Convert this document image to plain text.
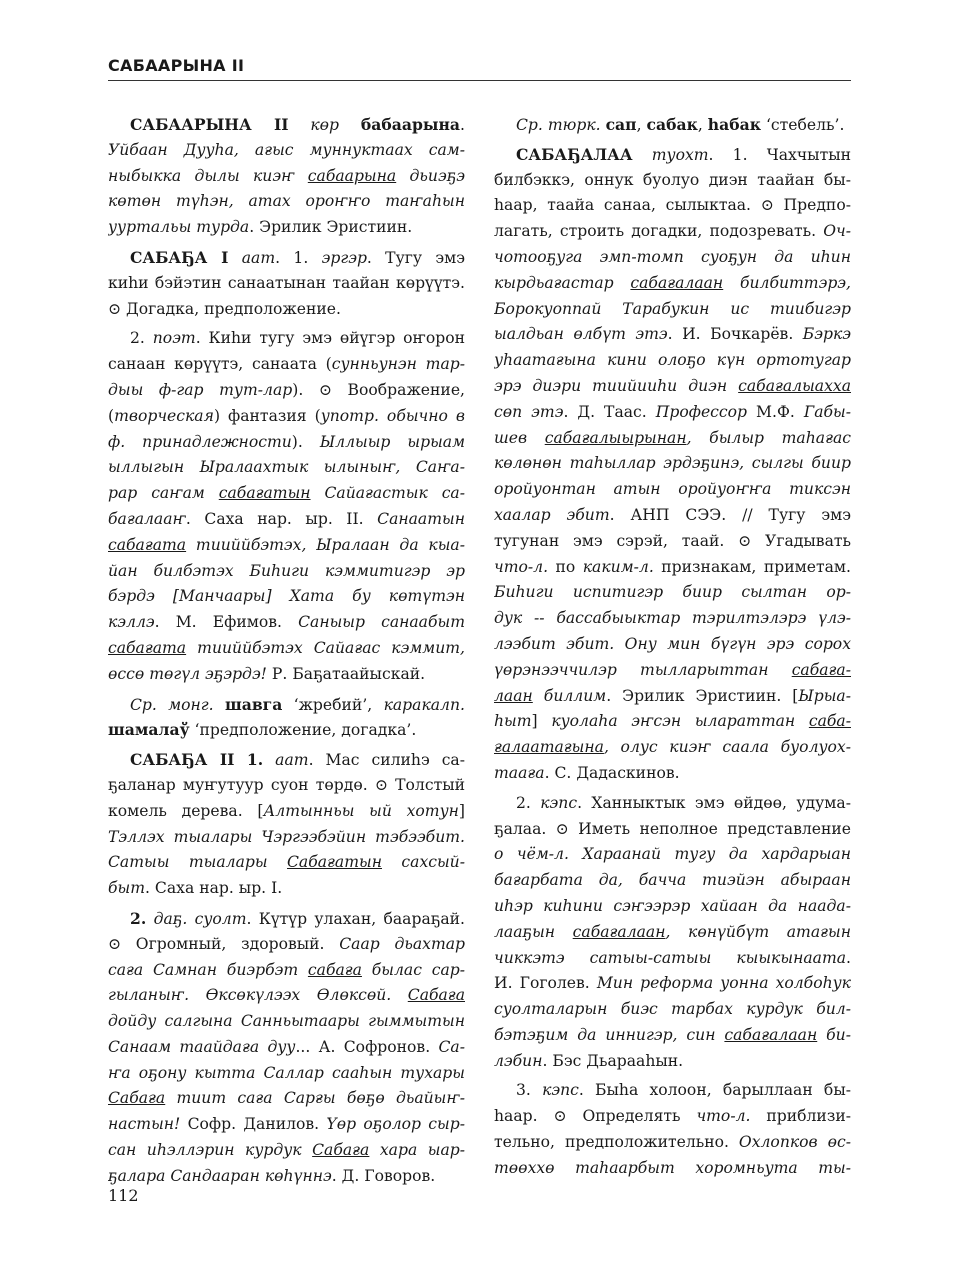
САБААРЫНА II
САБААРЫНА II көр бабаарына.
Уйбаан Дууһа, ағыс муннуктаах сам-
ныбыкка дылы киэҥ сабаарына дьиэҕэ
көтөн түһэн, атах ороҥҥо таҥаһын
ууртальы турда. Эрилик Эристиин.
САБАҔА I аат. 1. эргэр. Тугу эмэ
киһи бэйэтин санаатынан таайан көрүүтэ.
⊙ Догадка, предположение.
2. поэт. Киһи тугу эмэ өйүгэр оҥорон
санаан көрүүтэ, санаата (сунньунэн тар-
дыы ф-гар тут-лар). ⊙ Воображение,
(творческая) фантазия (употр. обычно в
ф. принадлежности). Ыллыыр ырыам
ыллыгын Ыралаахтык ылыныҥ, Саҥа-
рар саҥам сабағатын Сайағастык са-
бағалааҥ. Саха нар. ыр. II. Санаатын
сабағата тииййбэтэх, Ыралаан да кыа-
йан билбэтэх Биһиги кэммитигэр эр
бэрдэ [Манчаары] Хата бу көтүтэн
кэллэ. М. Ефимов. Саныыр санаабыт
сабағата тииййбэтэх Сайағас кэммит,
өссө төгүл эҕэрдэ! Р. Баҕатаайыскай.
Ср. монг. шавга ‘жребий’, каракалп.
шамалаў ‘предположение, догадка’.
САБАҔА II 1. аат. Мас силиһэ са-
ҕаланар муҥутуур суон төрдө. ⊙ Толстый
комель дерева. [Алтынньы ый хотун]
Тэллэх тыалары Чэргээбэйин тэбээбит.
Сатыы тыалары Сабағатын сахсый-
быт. Саха нар. ыр. I.
2. даҕ. суолт. Күтүр улахан, баараҕай.
⊙ Огромный, здоровый. Саар дьахтар
саға Самнан биэрбэт сабаға былас сар-
гыланыҥ. Өксөкүлээх Өлөксөй. Сабаға
дойду салгына Санньытаары гыммытын
Санаам таайдаға дуу... А. Софронов. Са-
ҥа оҕону кытта Саллар саaһын тухары
Сабаға тиит саға Сарғы бөҕө дьайыҥ-
настын! Софр. Данилов. Үөр оҕолор сыр-
сан иһэллэрин курдук Сабаға хара ыар-
ҕалара Сандааран көһүннэ. Д. Говоров.
Ср. тюрк. сап, сабак, һабак ‘стебель’.
САБАҔАЛАА туохт. 1. Чахчытын
билбэккэ, оннук буолуо диэн таайан бы-
һаар, таайа санаа, сылыктаа. ⊙ Предпо-
лагать, строить догадки, подозревать. Оч-
чотооҕуга эмп-томп суоҕун да иһин
кырдьағастар сабағалаан билбиттэрэ,
Борокуоппай Тарабукин ис тиибигэр
ыалдьан өлбүт этэ. И. Бочкарёв. Бэркэ
уһаатағына кини олоҕо күн ортотугар
эрэ диэри тиийииһи диэн сабағалыахха
сөп этэ. Д. Таас. Профессор М.Ф. Габы-
шев сабағалыырынан, былыр таһағас
көлөнөн таһыллар эрдэҕинэ, сылгы биир
оройуонтан атын оройуоҥҥа тиксэн
хаалар эбит. АНП СЭЭ. // Тугу эмэ
тугунан эмэ сэрэй, таай. ⊙ Угадывать
что-л. по каким-л. признакам, приметам.
Биһиги испитигэр биир сылтан ор-
дук -- бассабыыктар тэрилтэлэрэ үлэ-
лээбит эбит. Ону мин бүгүн эрэ сорох
үөрэнээччилэр тылларыттан сабаға-
лаан биллим. Эрилик Эристиин. [Ырыа-
һыт] куолаһа эҥсэн ылараттан саба-
ғалаатағына, олус киэҥ саала буолуох-
тааға. С. Дадаскинов.
2. кэпс. Ханныктык эмэ өйдөө, удума-
ҕалаа. ⊙ Иметь неполное представление
о чём-л. Хараанай тугу да хардарыан
бағарбата да, бачча тиэйэн абыраан
иһэр киһини сэҥээрэр хайаан да наада-
лааҕын сабағалаан, көнүйбүт атағын
чиккэтэ сатыы-сатыы кыыкынаата.
И. Гоголев. Мин реформа уонна холбоһук
суолталарын биэс тарбах курдук бил-
бэтэҕим да иннигэр, син сабағалаан би-
лэбин. Бэс Дьарааһын.
3. кэпс. Быһа холоон, барыллаан бы-
һаар. ⊙ Определять что-л. приблизи-
тельно, предположительно. Охлопков өс-
төөххө таһаарбыт хоромньута ты-
112
